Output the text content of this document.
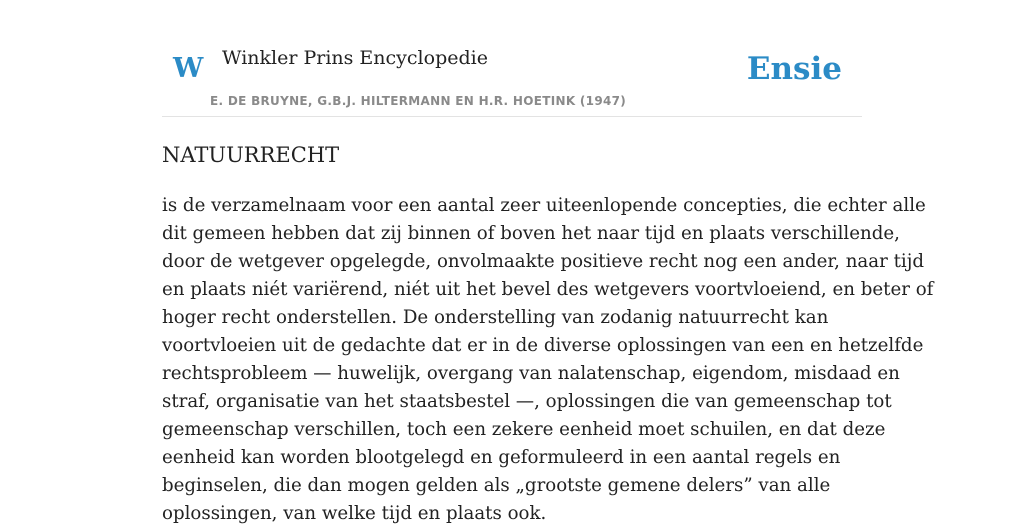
W Winkler Prins Encyclopedie
E. DE BRUYNE, G.B.J. HILTERMANN EN H.R. HOETINK (1947)
Ensie
NATUURRECHT
is de verzamelnaam voor een aantal zeer uiteenlopende concepties, die echter alle
dit gemeen hebben dat zij binnen of boven het naar tijd en plaats verschillende,
door de wetgever opgelegde, onvolmaakte positieve recht nog een ander, naar tijd
en plaats niét variërend, niét uit het bevel des wetgevers voortvloeiend, en beter of
hoger recht onderstellen. De onderstelling van zodanig natuurrecht kan
voortvloeien uit de gedachte dat er in de diverse oplossingen van een en hetzelfde
rechtsprobleem — huwelijk, overgang van nalatenschap, eigendom, misdaad en
straf, organisatie van het staatsbestel —, oplossingen die van gemeenschap tot
gemeenschap verschillen, toch een zekere eenheid moet schuilen, en dat deze
eenheid kan worden blootgelegd en geformuleerd in een aantal regels en
beginselen, die dan mogen gelden als „grootste gemene delers” van alle
oplossingen, van welke tijd en plaats ook.
